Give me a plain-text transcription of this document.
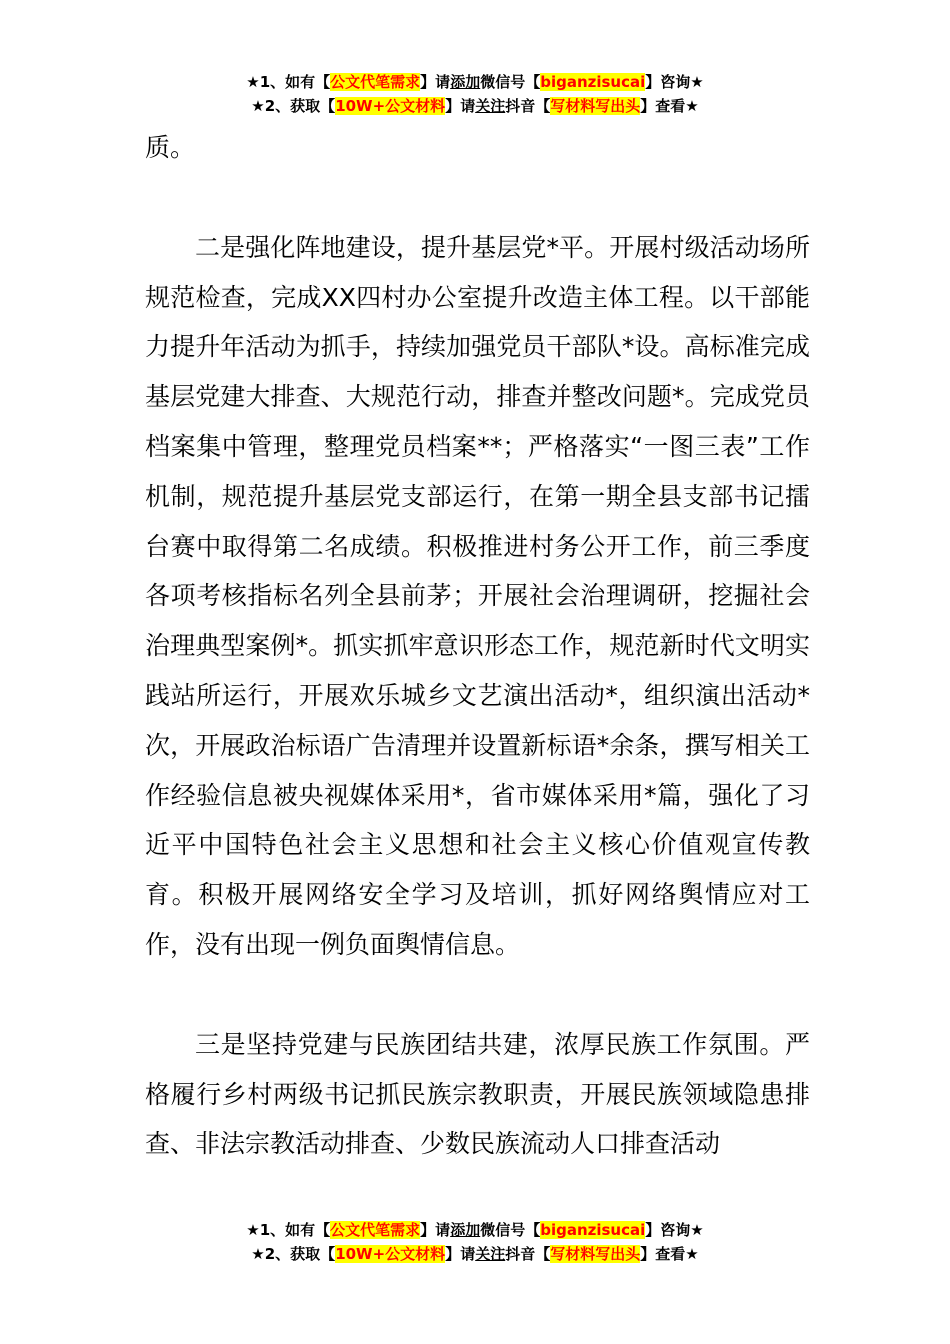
★1、如有【公文代笔需求】请添加微信号【biganzisucai】咨询★
★2、获取【10W+公文材料】请关注抖音【写材料写出头】查看★

质。

二是强化阵地建设，提升基层党*平。开展村级活动场所规范检查，完成XX四村办公室提升改造主体工程。以干部能力提升年活动为抓手，持续加强党员干部队*设。高标准完成基层党建大排查、大规范行动，排查并整改问题*。完成党员档案集中管理，整理党员档案**；严格落实“一图三表”工作机制，规范提升基层党支部运行，在第一期全县支部书记擂台赛中取得第二名成绩。积极推进村务公开工作，前三季度各项考核指标名列全县前茅；开展社会治理调研，挖掘社会治理典型案例*。抓实抓牢意识形态工作，规范新时代文明实践站所运行，开展欢乐城乡文艺演出活动*，组织演出活动*次，开展政治标语广告清理并设置新标语*余条，撰写相关工作经验信息被央视媒体采用*，省市媒体采用*篇，强化了习近平中国特色社会主义思想和社会主义核心价值观宣传教育。积极开展网络安全学习及培训，抓好网络舆情应对工作，没有出现一例负面舆情信息。

三是坚持党建与民族团结共建，浓厚民族工作氛围。严格履行乡村两级书记抓民族宗教职责，开展民族领域隐患排查、非法宗教活动排查、少数民族流动人口排查活动

★1、如有【公文代笔需求】请添加微信号【biganzisucai】咨询★
★2、获取【10W+公文材料】请关注抖音【写材料写出头】查看★
